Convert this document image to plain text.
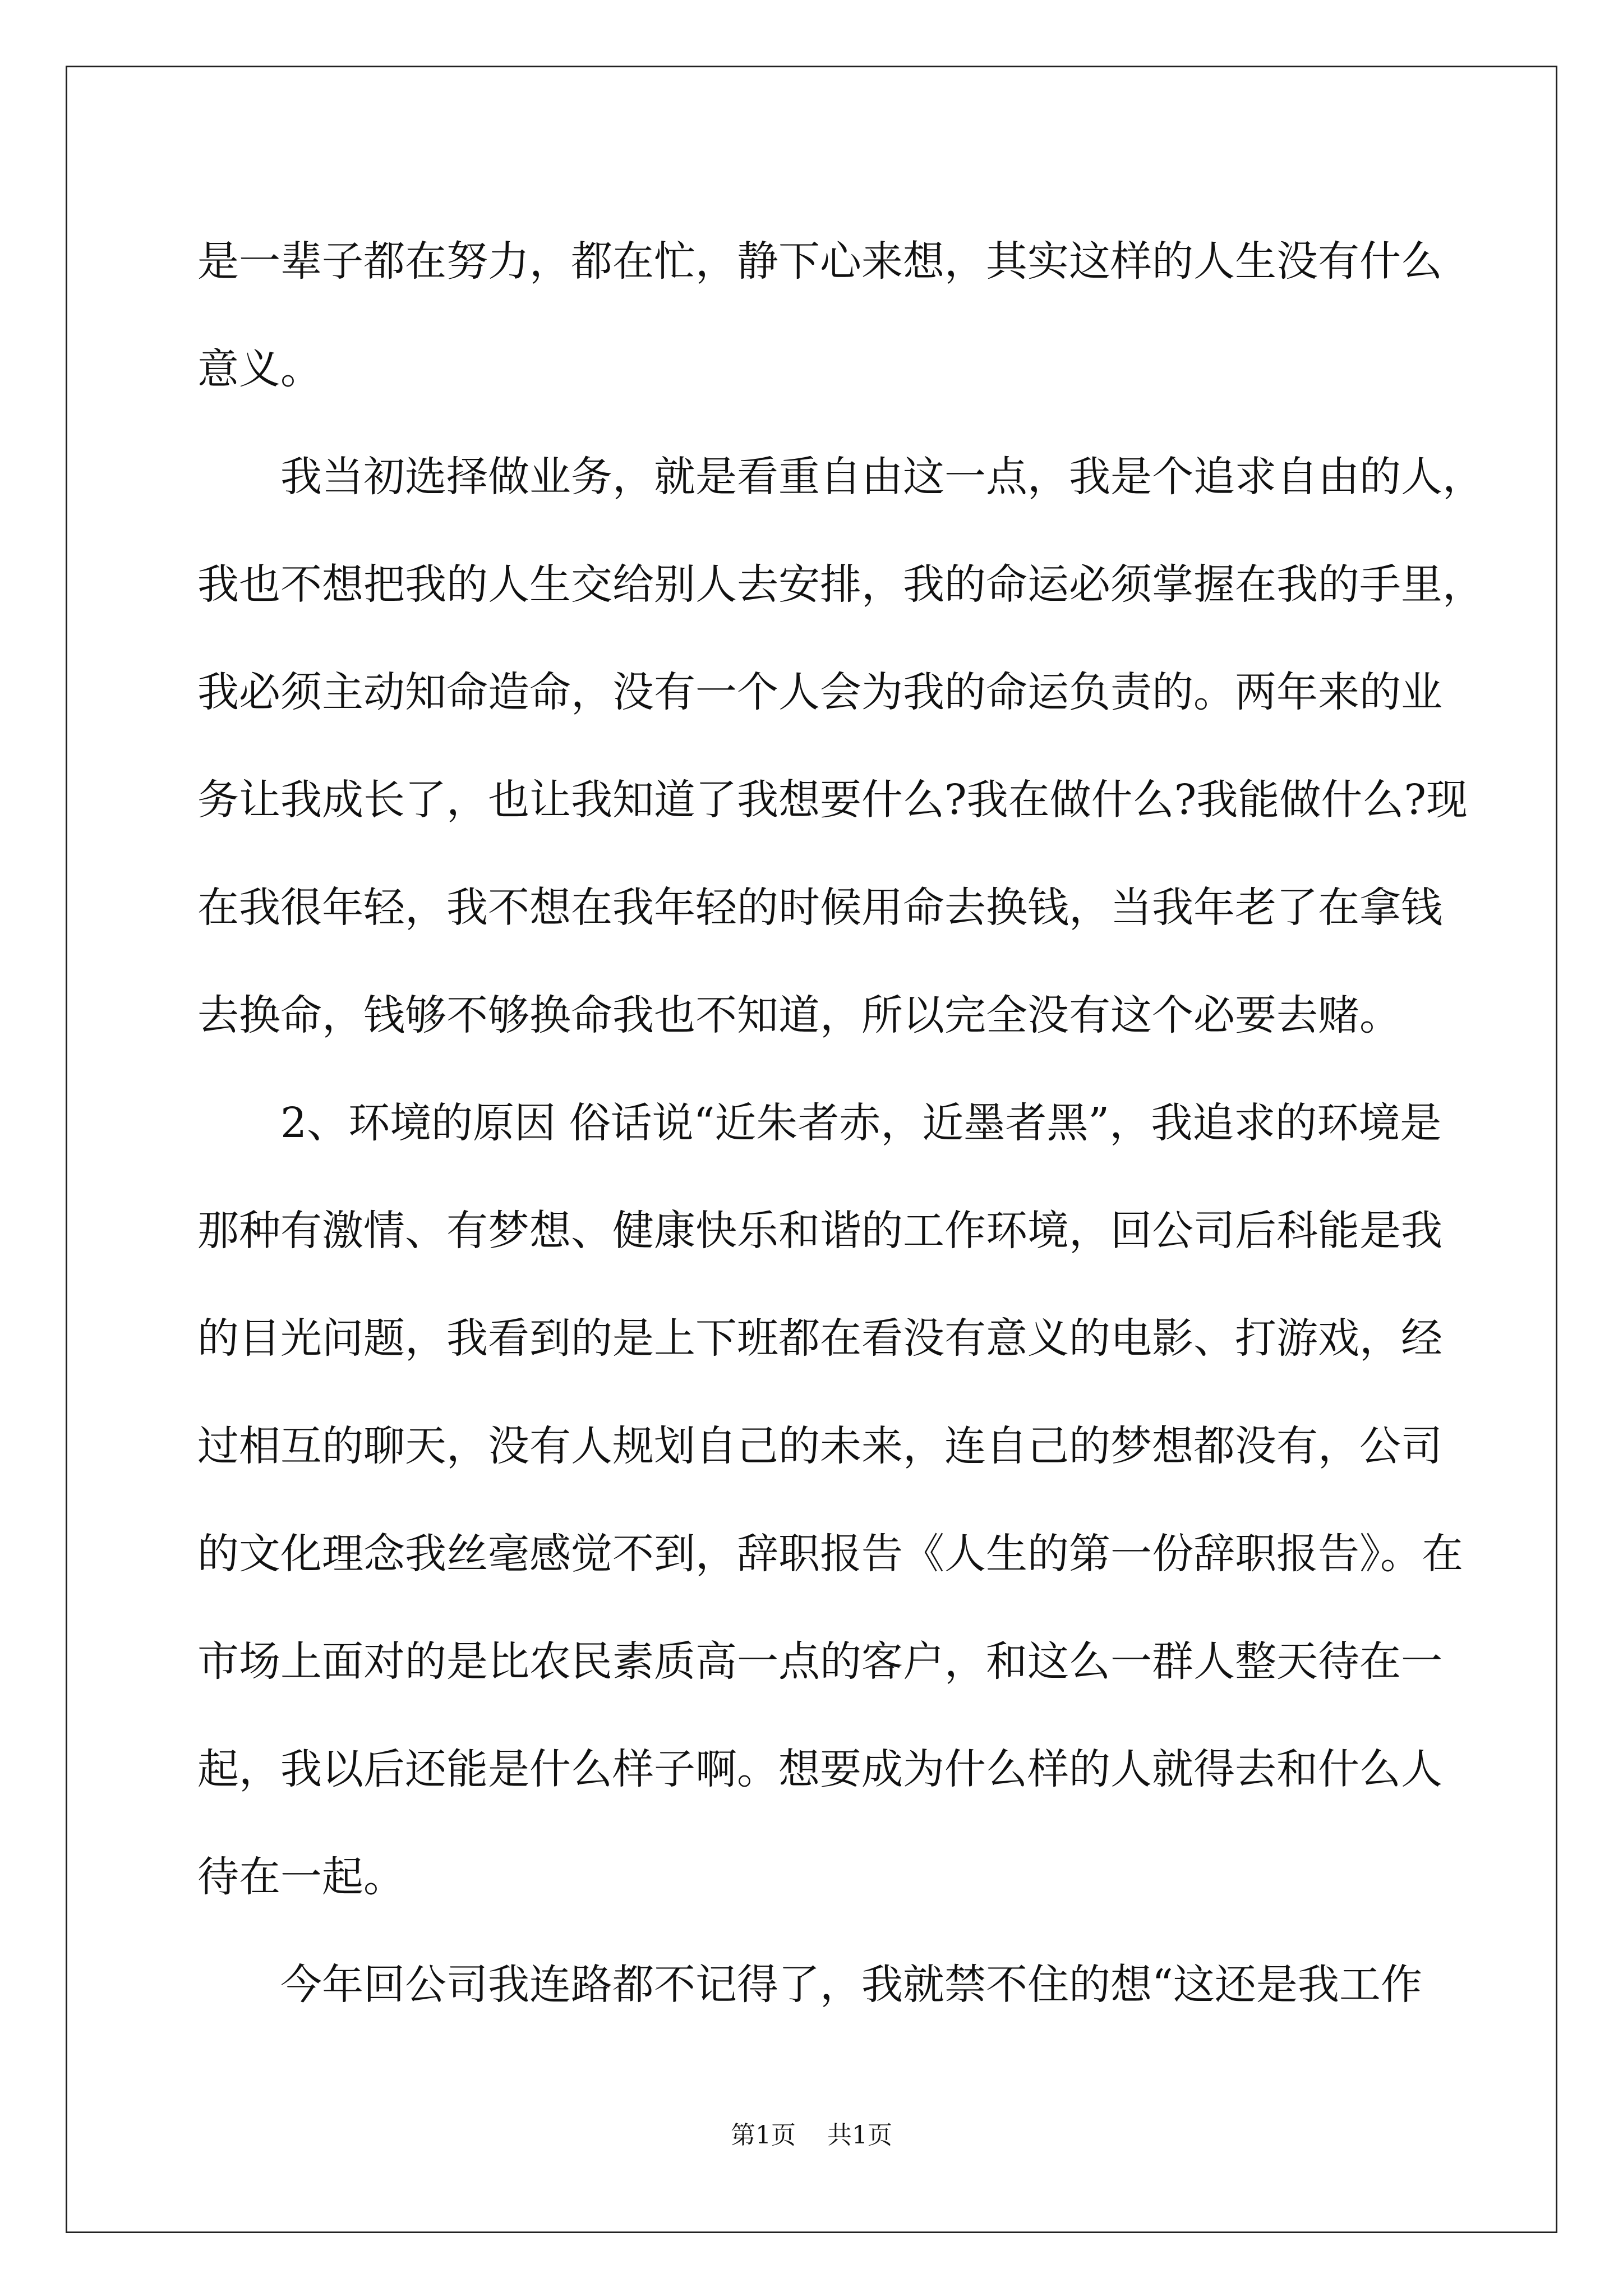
是一辈子都在努力，都在忙，静下心来想，其实这样的人生没有什么
意义。
我当初选择做业务，就是看重自由这一点，我是个追求自由的人，
我也不想把我的人生交给别人去安排，我的命运必须掌握在我的手里，
我必须主动知命造命，没有一个人会为我的命运负责的。两年来的业
务让我成长了，也让我知道了我想要什么?我在做什么?我能做什么?现
在我很年轻，我不想在我年轻的时候用命去换钱，当我年老了在拿钱
去换命，钱够不够换命我也不知道，所以完全没有这个必要去赌。
2、环境的原因 俗话说“近朱者赤，近墨者黑”，我追求的环境是
那种有激情、有梦想、健康快乐和谐的工作环境，回公司后科能是我
的目光问题，我看到的是上下班都在看没有意义的电影、打游戏，经
过相互的聊天，没有人规划自己的未来，连自己的梦想都没有，公司
的文化理念我丝毫感觉不到，辞职报告《人生的第一份辞职报告》。在
市场上面对的是比农民素质高一点的客户，和这么一群人整天待在一
起，我以后还能是什么样子啊。想要成为什么样的人就得去和什么人
待在一起。
今年回公司我连路都不记得了，我就禁不住的想“这还是我工作
第1页 共1页
